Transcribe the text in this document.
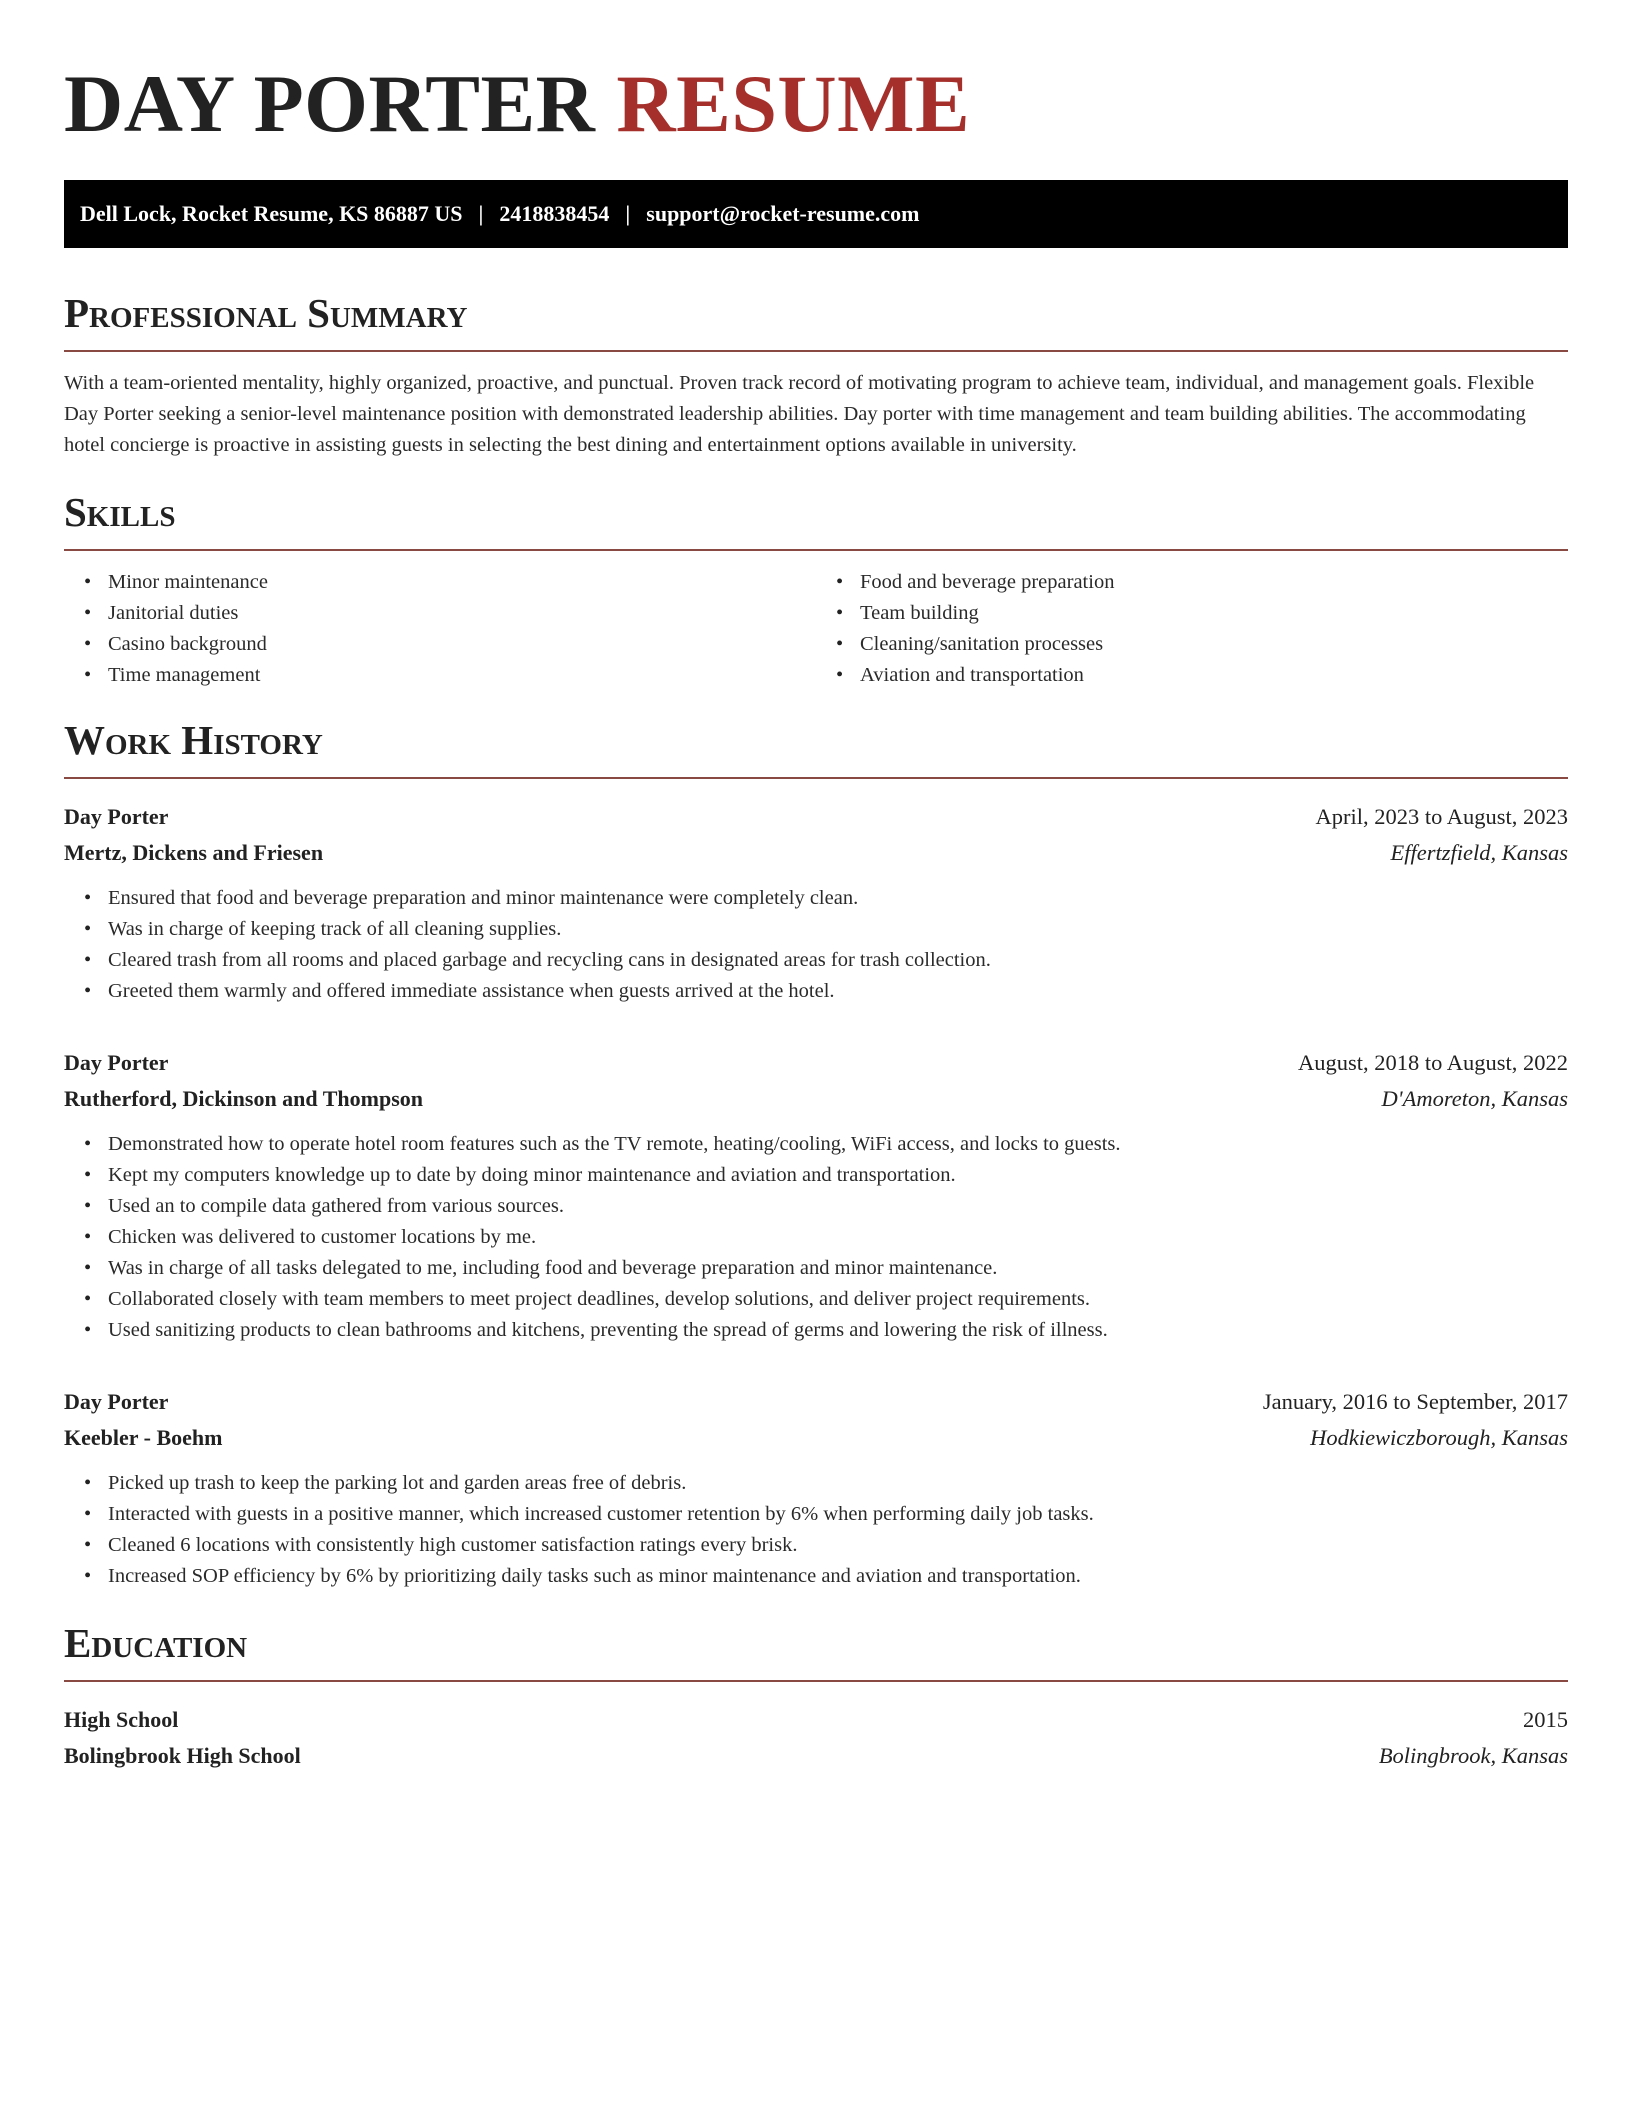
DAY PORTER RESUME
Dell Lock, Rocket Resume, KS 86887 US | 2418838454 | support@rocket-resume.com
Professional Summary

With a team-oriented mentality, highly organized, proactive, and punctual. Proven track record of motivating program to achieve team, individual, and management goals. Flexible Day Porter seeking a senior-level maintenance position with demonstrated leadership abilities. Day porter with time management and team building abilities. The accommodating hotel concierge is proactive in assisting guests in selecting the best dining and entertainment options available in university.

Skills
• Minor maintenance
• Janitorial duties
• Casino background
• Time management
• Food and beverage preparation
• Team building
• Cleaning/sanitation processes
• Aviation and transportation
Work History
Day Porter	April, 2023 to August, 2023
Mertz, Dickens and Friesen	Effertzfield, Kansas
• Ensured that food and beverage preparation and minor maintenance were completely clean.
• Was in charge of keeping track of all cleaning supplies.
• Cleared trash from all rooms and placed garbage and recycling cans in designated areas for trash collection.
• Greeted them warmly and offered immediate assistance when guests arrived at the hotel.
Day Porter	August, 2018 to August, 2022
Rutherford, Dickinson and Thompson	D'Amoreton, Kansas
• Demonstrated how to operate hotel room features such as the TV remote, heating/cooling, WiFi access, and locks to guests.
• Kept my computers knowledge up to date by doing minor maintenance and aviation and transportation.
• Used an to compile data gathered from various sources.
• Chicken was delivered to customer locations by me.
• Was in charge of all tasks delegated to me, including food and beverage preparation and minor maintenance.
• Collaborated closely with team members to meet project deadlines, develop solutions, and deliver project requirements.
• Used sanitizing products to clean bathrooms and kitchens, preventing the spread of germs and lowering the risk of illness.
Day Porter	January, 2016 to September, 2017
Keebler - Boehm	Hodkiewiczborough, Kansas
• Picked up trash to keep the parking lot and garden areas free of debris.
• Interacted with guests in a positive manner, which increased customer retention by 6% when performing daily job tasks.
• Cleaned 6 locations with consistently high customer satisfaction ratings every brisk.
• Increased SOP efficiency by 6% by prioritizing daily tasks such as minor maintenance and aviation and transportation.
Education
High School	2015
Bolingbrook High School	Bolingbrook, Kansas
